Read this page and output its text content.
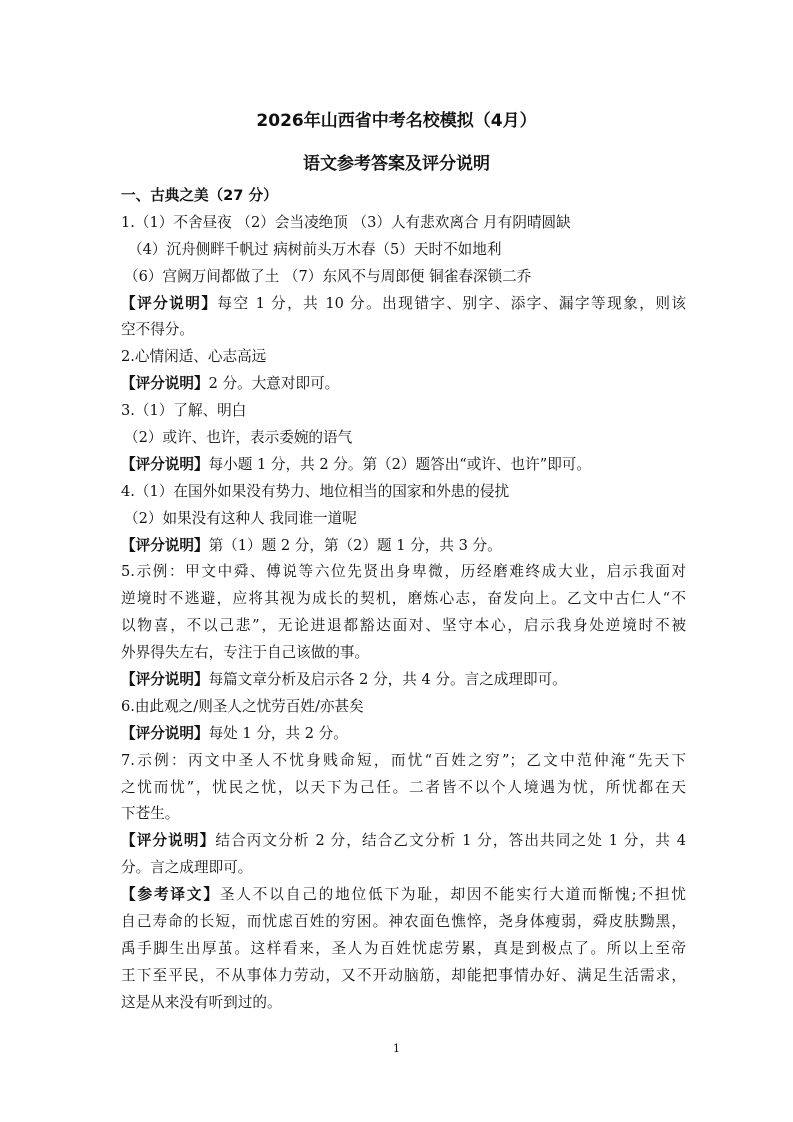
2026年山西省中考名校模拟（4月）
语文参考答案及评分说明
一、古典之美（27 分）
1.（1）不舍昼夜 （2）会当凌绝顶 （3）人有悲欢离合 月有阴晴圆缺
（4）沉舟侧畔千帆过 病树前头万木春（5）天时不如地利
（6）宫阙万间都做了土 （7）东风不与周郎便 铜雀春深锁二乔
【评分说明】每空 1 分，共 10 分。出现错字、别字、添字、漏字等现象，则该
空不得分。
2.心情闲适、心志高远
【评分说明】2 分。大意对即可。
3.（1）了解、明白
（2）或许、也许，表示委婉的语气
【评分说明】每小题 1 分，共 2 分。第（2）题答出“或许、也许”即可。
4.（1）在国外如果没有势力、地位相当的国家和外患的侵扰
（2）如果没有这种人 我同谁一道呢
【评分说明】第（1）题 2 分，第（2）题 1 分，共 3 分。
5.示例：甲文中舜、傅说等六位先贤出身卑微，历经磨难终成大业，启示我面对
逆境时不逃避，应将其视为成长的契机，磨炼心志，奋发向上。乙文中古仁人“不
以物喜，不以己悲”，无论进退都豁达面对、坚守本心，启示我身处逆境时不被
外界得失左右，专注于自己该做的事。
【评分说明】每篇文章分析及启示各 2 分，共 4 分。言之成理即可。
6.由此观之/则圣人之忧劳百姓/亦甚矣
【评分说明】每处 1 分，共 2 分。
7.示例：丙文中圣人不忧身贱命短，而忧“百姓之穷”；乙文中范仲淹“先天下
之忧而忧”，忧民之忧，以天下为己任。二者皆不以个人境遇为忧，所忧都在天
下苍生。
【评分说明】结合丙文分析 2 分，结合乙文分析 1 分，答出共同之处 1 分，共 4
分。言之成理即可。
【参考译文】圣人不以自己的地位低下为耻，却因不能实行大道而惭愧;不担忧
自己寿命的长短，而忧虑百姓的穷困。神农面色憔悴，尧身体瘦弱，舜皮肤黝黑，
禹手脚生出厚茧。这样看来，圣人为百姓忧虑劳累，真是到极点了。所以上至帝
王下至平民，不从事体力劳动，又不开动脑筋，却能把事情办好、满足生活需求，
这是从来没有听到过的。
1
